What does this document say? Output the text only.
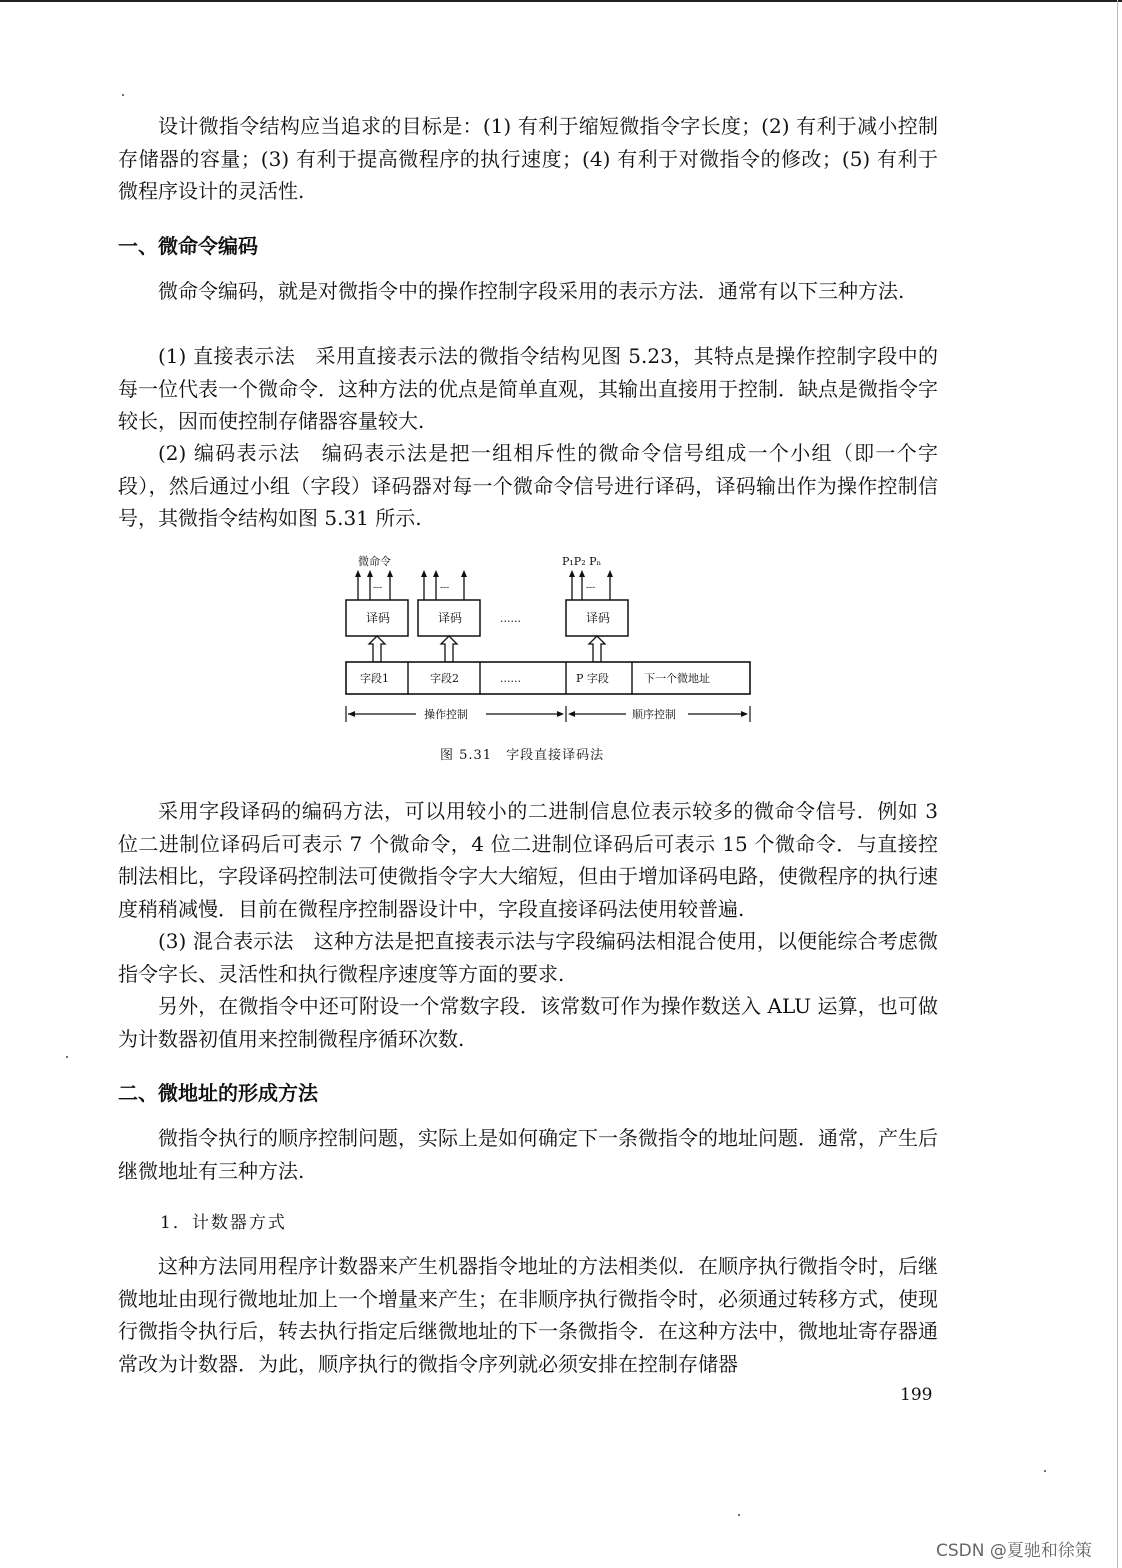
设计微指令结构应当追求的目标是：(1) 有利于缩短微指令字长度；(2) 有利于减小控制存储器的容量；(3) 有利于提高微程序的执行速度；(4) 有利于对微指令的修改；(5) 有利于微程序设计的灵活性.

一、微命令编码

微命令编码，就是对微指令中的操作控制字段采用的表示方法．通常有以下三种方法.

(1) 直接表示法　采用直接表示法的微指令结构见图 5.23，其特点是操作控制字段中的每一位代表一个微命令．这种方法的优点是简单直观，其输出直接用于控制．缺点是微指令字较长，因而使控制存储器容量较大.

(2) 编码表示法　编码表示法是把一组相斥性的微命令信号组成一个小组（即一个字段），然后通过小组（字段）译码器对每一个微命令信号进行译码，译码输出作为操作控制信号，其微指令结构如图 5.31 所示.

微命令	P₁P₂ Pₙ
---	---	---
译码	译码	译码
......
字段1	字段2	......	P 字段	下一个微地址
操作控制	顺序控制
图 5.31　字段直接译码法

采用字段译码的编码方法，可以用较小的二进制信息位表示较多的微命令信号．例如 3 位二进制位译码后可表示 7 个微命令，4 位二进制位译码后可表示 15 个微命令．与直接控制法相比，字段译码控制法可使微指令字大大缩短，但由于增加译码电路，使微程序的执行速度稍稍减慢．目前在微程序控制器设计中，字段直接译码法使用较普遍.

(3) 混合表示法　这种方法是把直接表示法与字段编码法相混合使用，以便能综合考虑微指令字长、灵活性和执行微程序速度等方面的要求.

另外，在微指令中还可附设一个常数字段．该常数可作为操作数送入 ALU 运算，也可做为计数器初值用来控制微程序循环次数.

二、微地址的形成方法

微指令执行的顺序控制问题，实际上是如何确定下一条微指令的地址问题．通常，产生后继微地址有三种方法.

1．计数器方式

这种方法同用程序计数器来产生机器指令地址的方法相类似．在顺序执行微指令时，后继微地址由现行微地址加上一个增量来产生；在非顺序执行微指令时，必须通过转移方式，使现行微指令执行后，转去执行指定后继微地址的下一条微指令．在这种方法中，微地址寄存器通常改为计数器．为此，顺序执行的微指令序列就必须安排在控制存储器

199
CSDN @夏驰和徐策
